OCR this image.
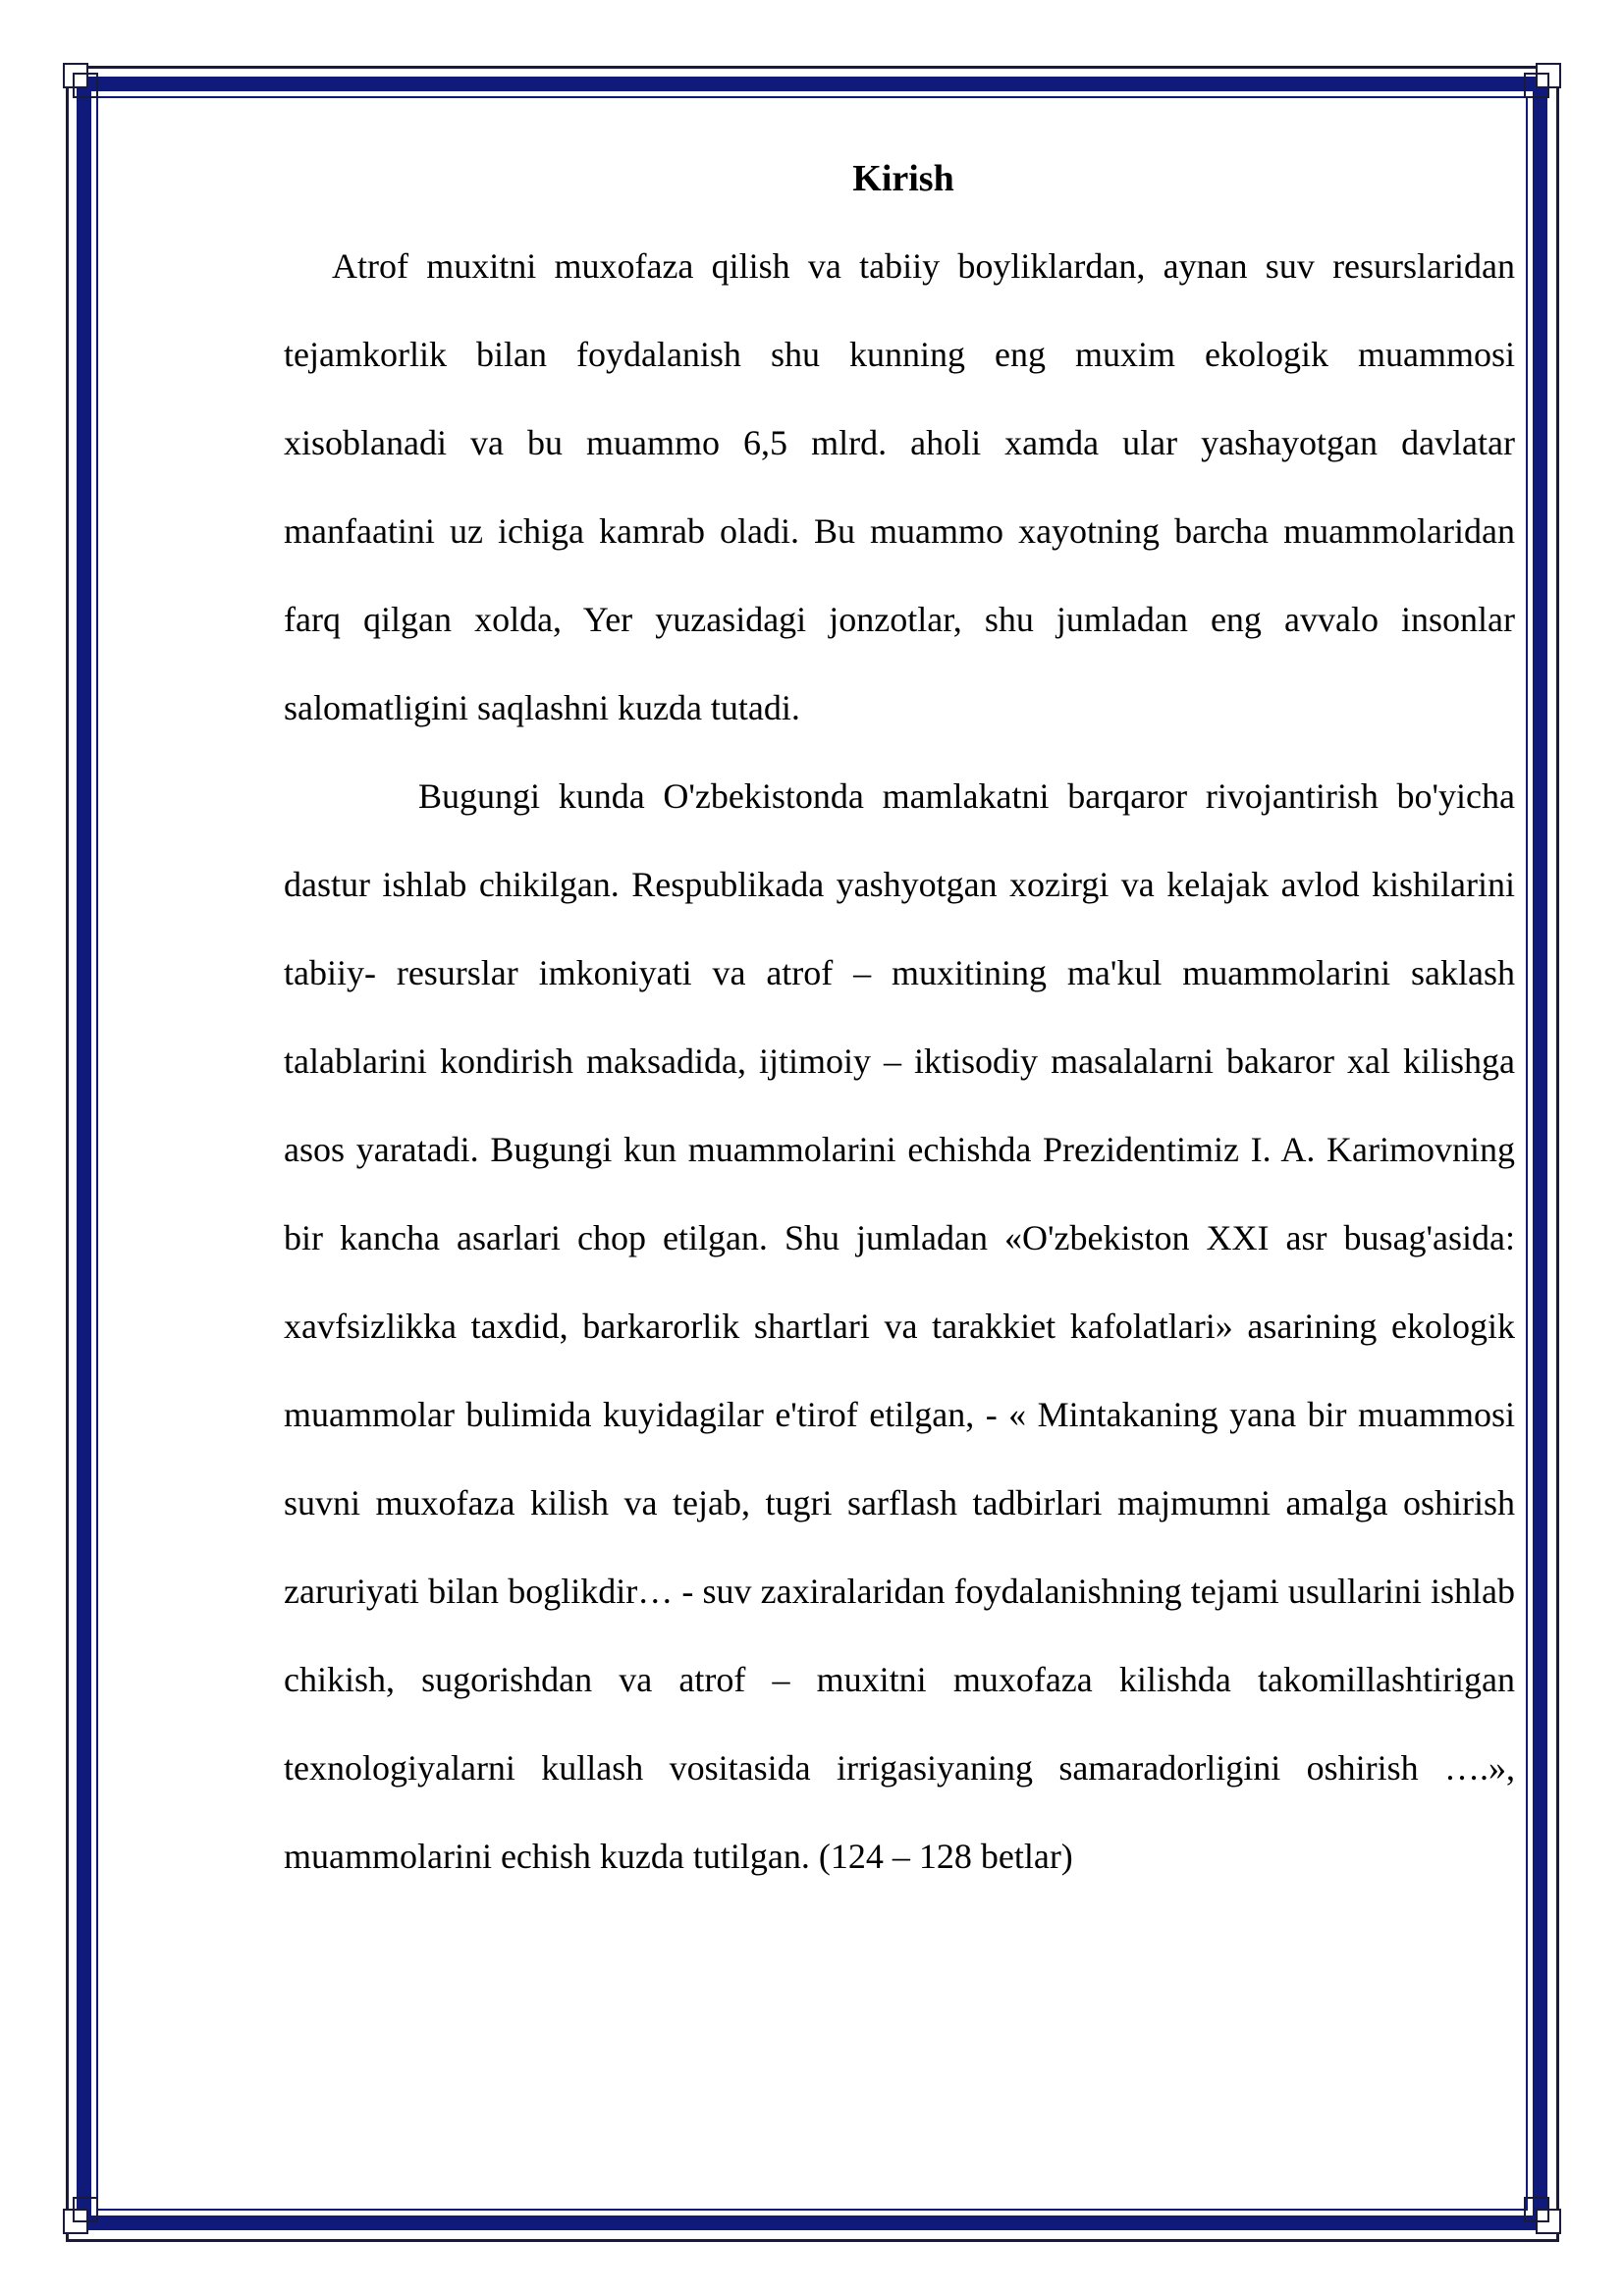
Kirish

Atrof muxitni muxofaza qilish va tabiiy boyliklardan, aynan suv resurslaridan tejamkorlik bilan foydalanish shu kunning eng muxim ekologik muammosi xisoblanadi va bu muammo 6,5 mlrd. aholi xamda ular yashayotgan davlatar manfaatini uz ichiga kamrab oladi. Bu muammo xayotning barcha muammolaridan farq qilgan xolda, Yer yuzasidagi jonzotlar, shu jumladan eng avvalo insonlar salomatligini saqlashni kuzda tutadi.

Bugungi kunda O'zbekistonda mamlakatni barqaror rivojantirish bo'yicha dastur ishlab chikilgan. Respublikada yashyotgan xozirgi va kelajak avlod kishilarini tabiiy- resurslar imkoniyati va atrof – muxitining ma'kul muammolarini saklash talablarini kondirish maksadida, ijtimoiy – iktisodiy masalalarni bakaror xal kilishga asos yaratadi. Bugungi kun muammolarini echishda Prezidentimiz I. A. Karimovning bir kancha asarlari chop etilgan. Shu jumladan «O'zbekiston XXI asr busag'asida: xavfsizlikka taxdid, barkarorlik shartlari va tarakkiet kafolatlari» asarining ekologik muammolar bulimida kuyidagilar e'tirof etilgan, - « Mintakaning yana bir muammosi suvni muxofaza kilish va tejab, tugri sarflash tadbirlari majmumni amalga oshirish zaruriyati bilan boglikdir… - suv zaxiralaridan foydalanishning tejami usullarini ishlab chikish, sugorishdan va atrof – muxitni muxofaza kilishda takomillashtirigan texnologiyalarni kullash vositasida irrigasiyaning samaradorligini oshirish ….», muammolarini echish kuzda tutilgan. (124 – 128 betlar)
